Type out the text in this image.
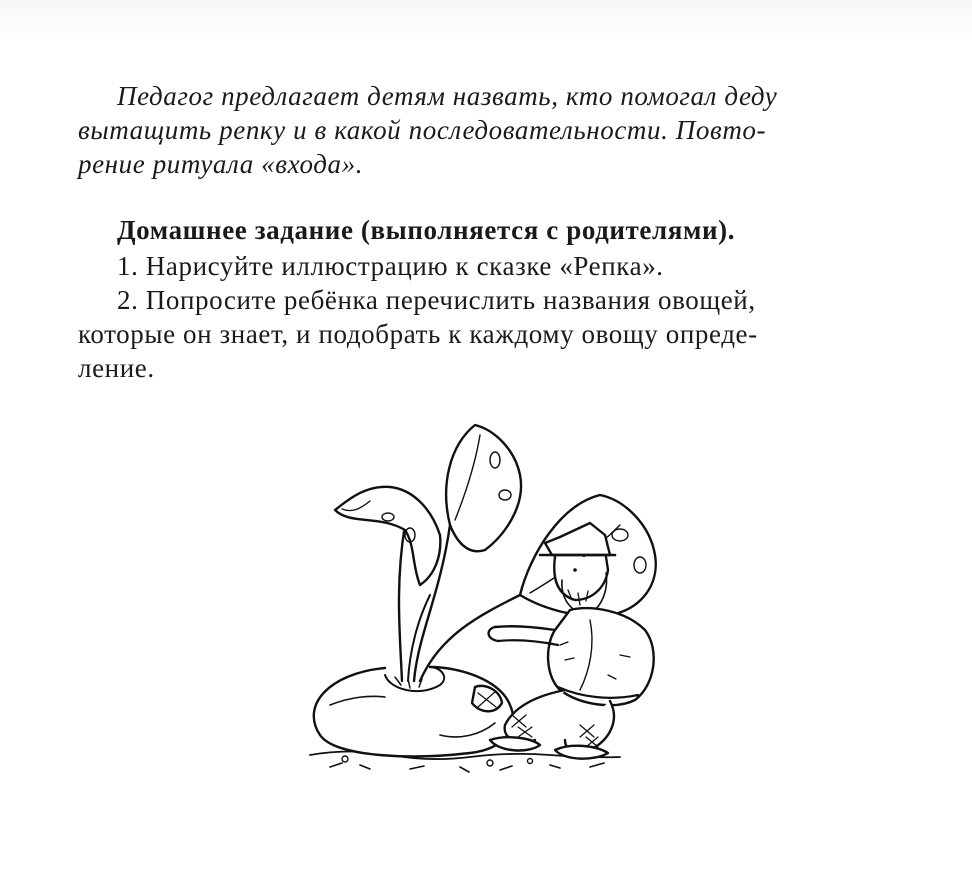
Педагог предлагает детям назвать, кто помогал деду
вытащить репку и в какой последовательности. Повто-
рение ритуала «входа».
Домашнее задание (выполняется с родителями).
1. Нарисуйте иллюстрацию к сказке «Репка».
2. Попросите ребёнка перечислить названия овощей,
которые он знает, и подобрать к каждому овощу опреде-
ление.
